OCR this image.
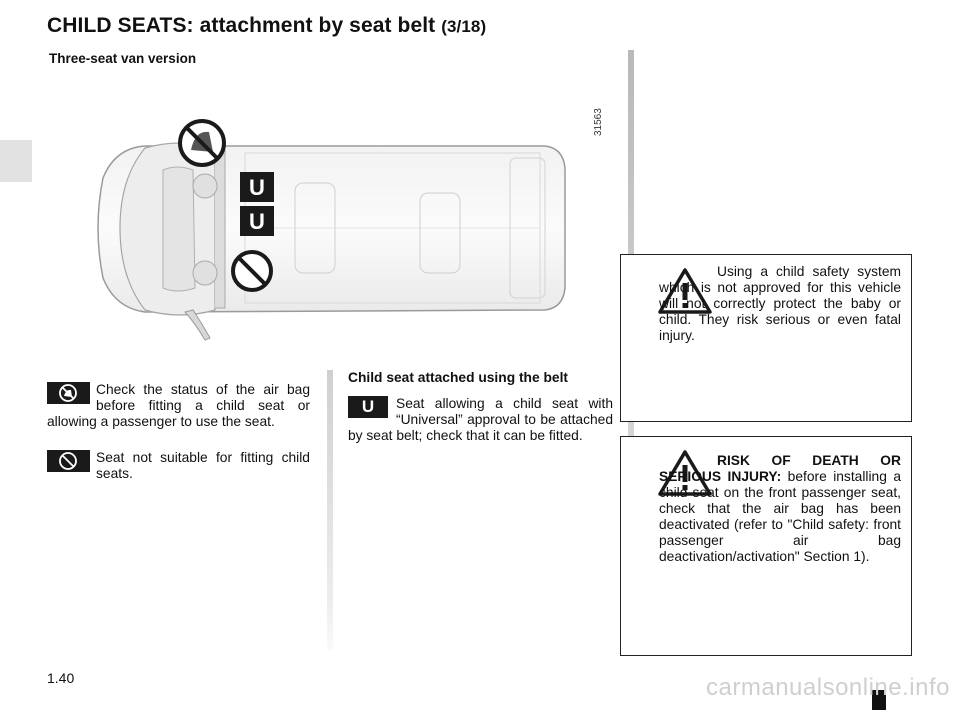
CHILD SEATS: attachment by seat belt (3/18)
Three-seat van version
31563
U
U
Check the status of the air bag before fitting a child seat or allowing a passenger to use the seat.
Seat not suitable for fitting child seats.
Child seat attached using the belt
U	Seat allowing a child seat with “Universal” approval to be attached by seat belt; check that it can be fitted.
Using a child safety system which is not approved for this vehicle will not correctly protect the baby or child. They risk serious or even fatal injury.
RISK OF DEATH OR SERIOUS INJURY: before installing a child seat on the front passenger seat, check that the air bag has been deactivated (refer to "Child safety: front passenger air bag deactivation/activation" Section 1).
1.40	carmanualsonline.info
